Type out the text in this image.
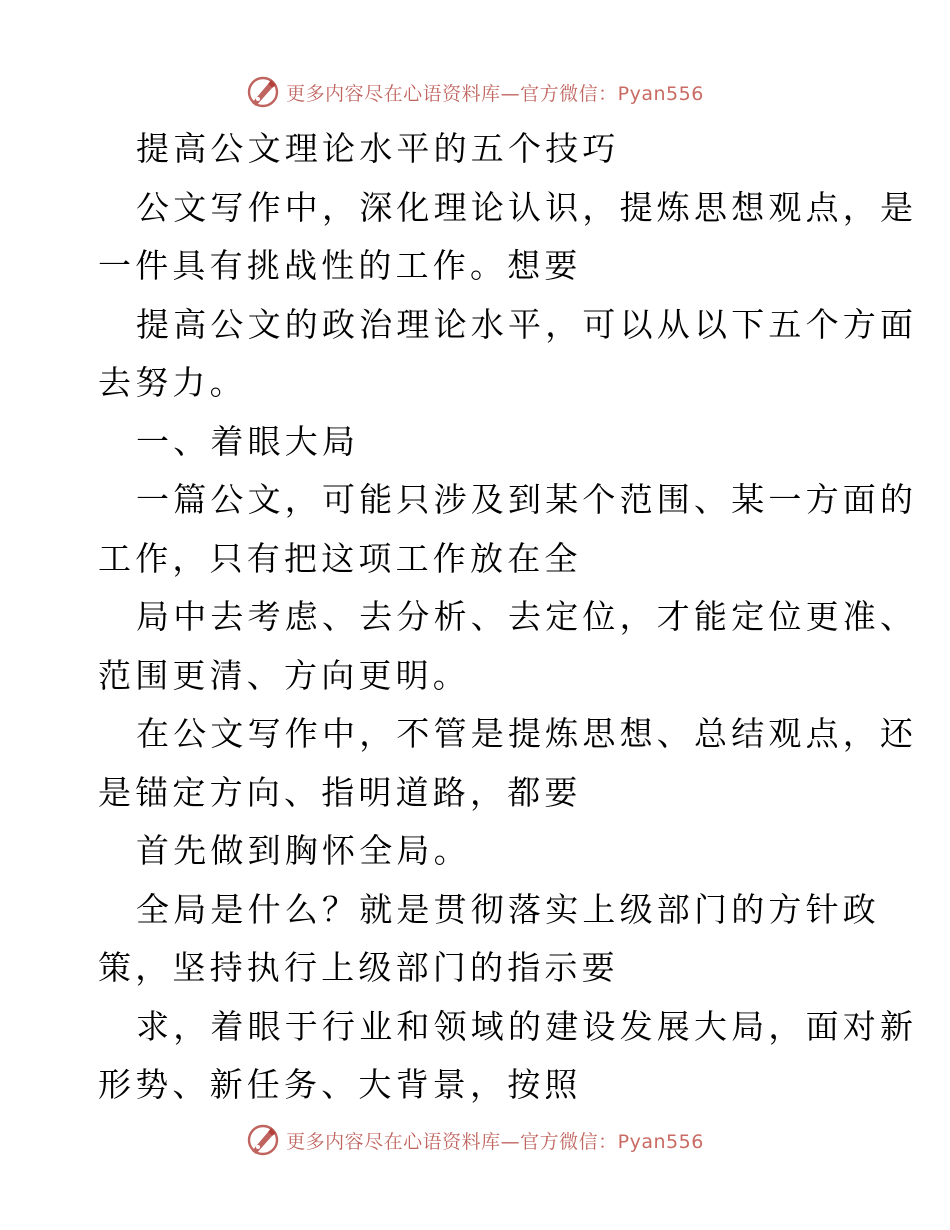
更多内容尽在心语资料库—官方微信：Pyan556

提高公文理论水平的五个技巧

公文写作中，深化理论认识，提炼思想观点，是

一件具有挑战性的工作。想要

提高公文的政治理论水平，可以从以下五个方面

去努力。

一、着眼大局

一篇公文，可能只涉及到某个范围、某一方面的

工作，只有把这项工作放在全

局中去考虑、去分析、去定位，才能定位更准、

范围更清、方向更明。

在公文写作中，不管是提炼思想、总结观点，还

是锚定方向、指明道路，都要

首先做到胸怀全局。

全局是什么？就是贯彻落实上级部门的方针政

策，坚持执行上级部门的指示要

求，着眼于行业和领域的建设发展大局，面对新

形势、新任务、大背景，按照

更多内容尽在心语资料库—官方微信：Pyan556
